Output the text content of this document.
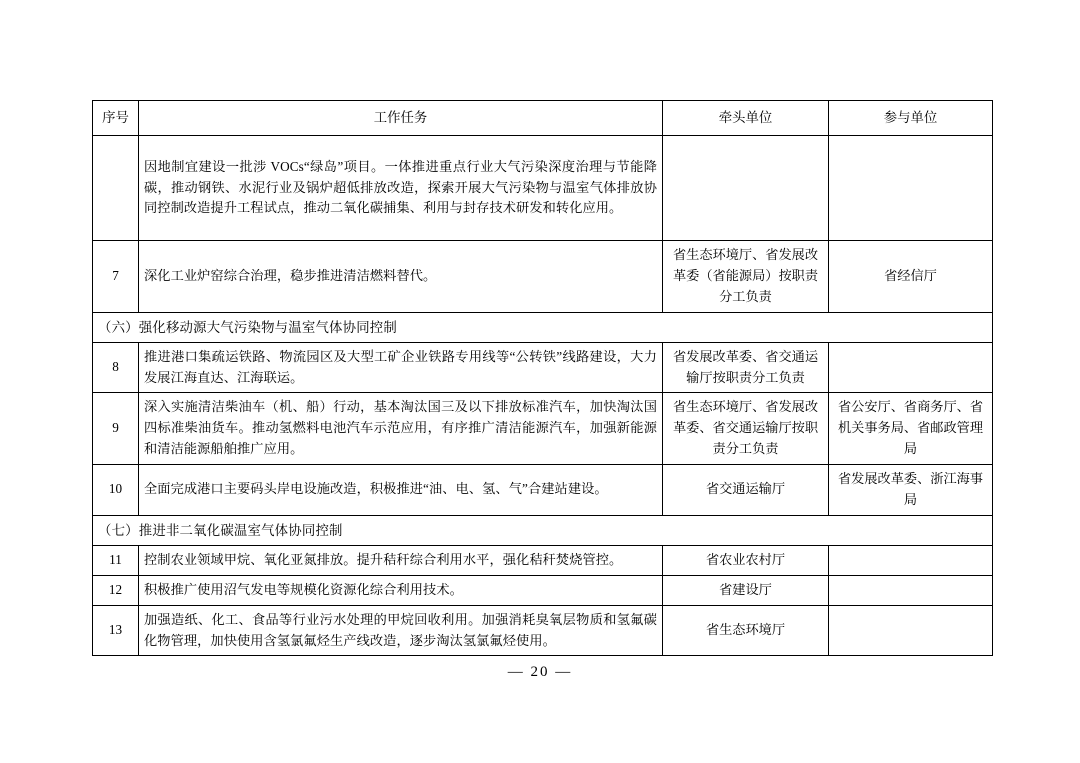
序号	工作任务	牵头单位	参与单位
	因地制宜建设一批涉 VOCs“绿岛”项目。一体推进重点行业大气污染深度治理与节能降碳，推动钢铁、水泥行业及锅炉超低排放改造，探索开展大气污染物与温室气体排放协同控制改造提升工程试点，推动二氧化碳捕集、利用与封存技术研发和转化应用。		
7	深化工业炉窑综合治理，稳步推进清洁燃料替代。	省生态环境厅、省发展改革委（省能源局）按职责分工负责	省经信厅
（六）强化移动源大气污染物与温室气体协同控制			
8	推进港口集疏运铁路、物流园区及大型工矿企业铁路专用线等“公转铁”线路建设，大力发展江海直达、江海联运。	省发展改革委、省交通运输厅按职责分工负责	
9	深入实施清洁柴油车（机、船）行动，基本淘汰国三及以下排放标准汽车，加快淘汰国四标准柴油货车。推动氢燃料电池汽车示范应用，有序推广清洁能源汽车，加强新能源和清洁能源船舶推广应用。	省生态环境厅、省发展改革委、省交通运输厅按职责分工负责	省公安厅、省商务厅、省机关事务局、省邮政管理局
10	全面完成港口主要码头岸电设施改造，积极推进“油、电、氢、气”合建站建设。	省交通运输厅	省发展改革委、浙江海事局
（七）推进非二氧化碳温室气体协同控制			
11	控制农业领域甲烷、氧化亚氮排放。提升秸秆综合利用水平，强化秸秆焚烧管控。	省农业农村厅	
12	积极推广使用沼气发电等规模化资源化综合利用技术。	省建设厅	
13	加强造纸、化工、食品等行业污水处理的甲烷回收利用。加强消耗臭氧层物质和氢氟碳化物管理，加快使用含氢氯氟烃生产线改造，逐步淘汰氢氯氟烃使用。	省生态环境厅	
— 20 —
